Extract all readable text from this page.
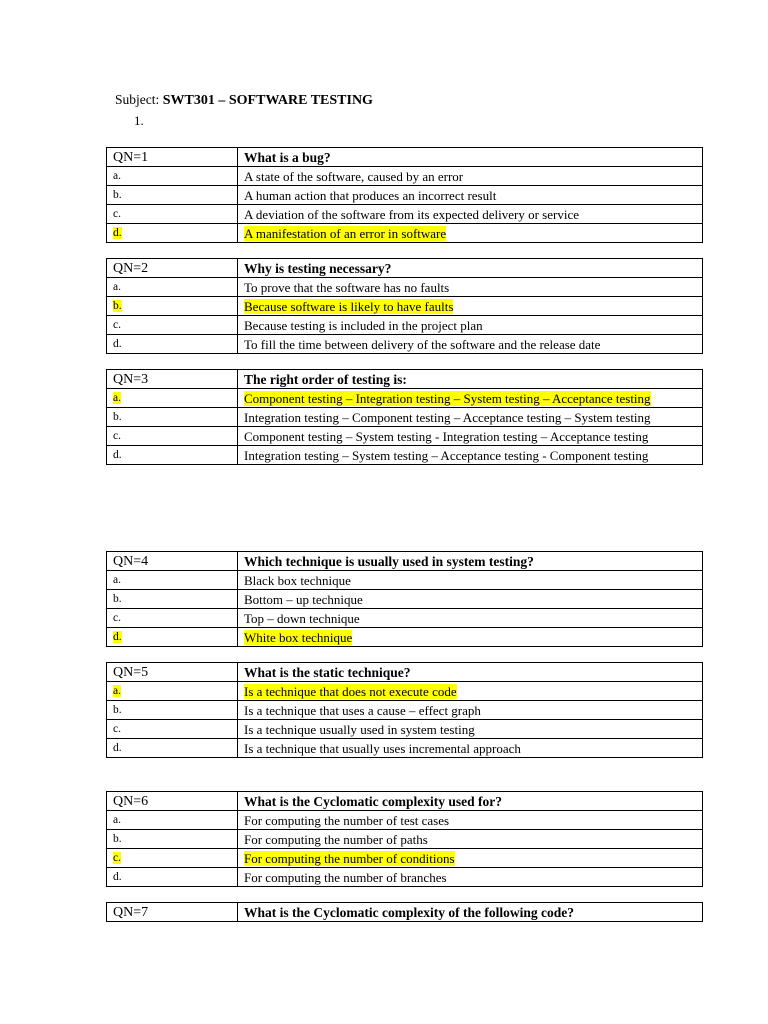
Subject: SWT301 – SOFTWARE TESTING
1.
QN=1	What is a bug?
a.	A state of the software, caused by an error
b.	A human action that produces an incorrect result
c.	A deviation of the software from its expected delivery or service
d.	A manifestation of an error in software
QN=2	Why is testing necessary?
a.	To prove that the software has no faults
b.	Because software is likely to have faults
c.	Because testing is included in the project plan
d.	To fill the time between delivery of the software and the release date
QN=3	The right order of testing is:
a.	Component testing – Integration testing – System testing – Acceptance testing
b.	Integration testing – Component testing – Acceptance testing – System testing
c.	Component testing – System testing - Integration testing – Acceptance testing
d.	Integration testing – System testing – Acceptance testing - Component testing
QN=4	Which technique is usually used in system testing?
a.	Black box technique
b.	Bottom – up technique
c.	Top – down technique
d.	White box technique
QN=5	What is the static technique?
a.	Is a technique that does not execute code
b.	Is a technique that uses a cause – effect graph
c.	Is a technique usually used in system testing
d.	Is a technique that usually uses incremental approach
QN=6	What is the Cyclomatic complexity used for?
a.	For computing the number of test cases
b.	For computing the number of paths
c.	For computing the number of conditions
d.	For computing the number of branches
QN=7	What is the Cyclomatic complexity of the following code?
